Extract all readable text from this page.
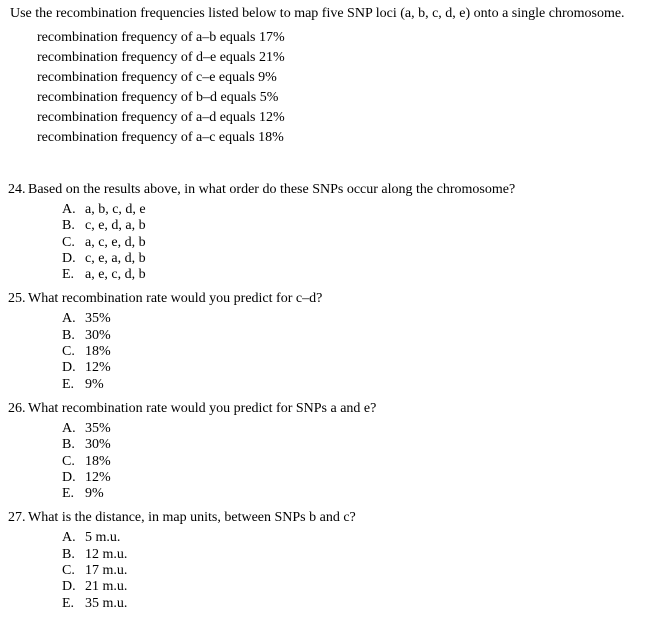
Use the recombination frequencies listed below to map five SNP loci (a, b, c, d, e) onto a single chromosome.

recombination frequency of a–b equals 17%
recombination frequency of d–e equals 21%
recombination frequency of c–e equals 9%
recombination frequency of b–d equals 5%
recombination frequency of a–d equals 12%
recombination frequency of a–c equals 18%
24. Based on the results above, in what order do these SNPs occur along the chromosome?
A. a, b, c, d, e
B. c, e, d, a, b
C. a, c, e, d, b
D. c, e, a, d, b
E. a, e, c, d, b
25. What recombination rate would you predict for c–d?
A. 35%
B. 30%
C. 18%
D. 12%
E. 9%
26. What recombination rate would you predict for SNPs a and e?
A. 35%
B. 30%
C. 18%
D. 12%
E. 9%
27. What is the distance, in map units, between SNPs b and c?
A. 5 m.u.
B. 12 m.u.
C. 17 m.u.
D. 21 m.u.
E. 35 m.u.
